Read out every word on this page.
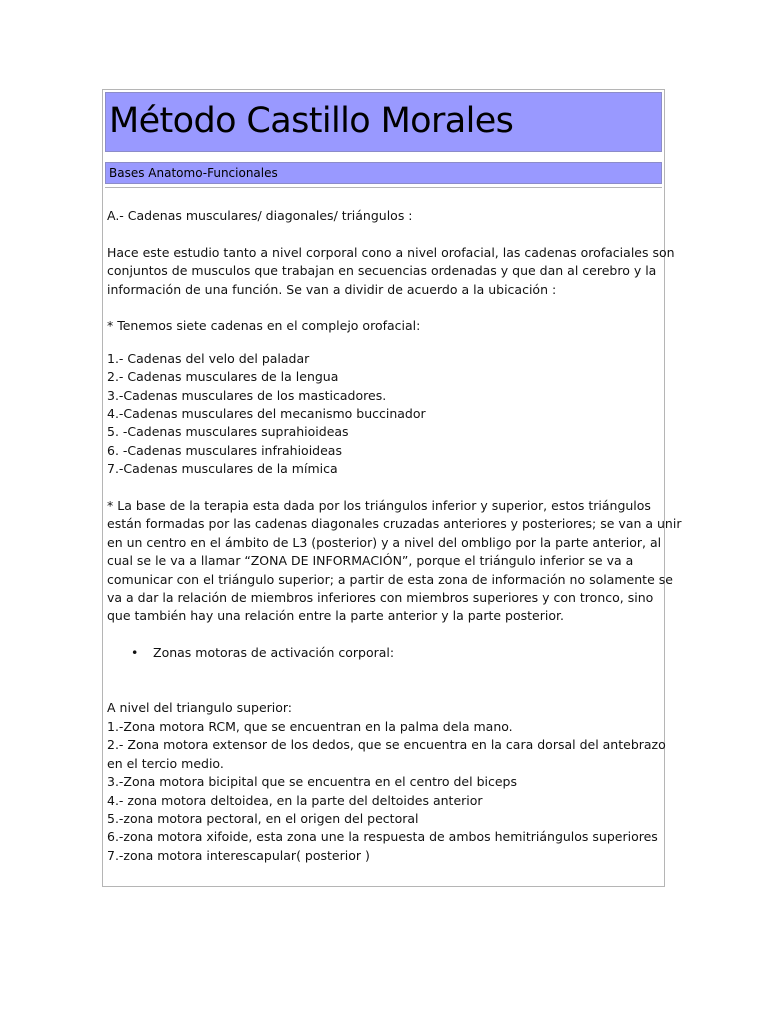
Método Castillo Morales
Bases Anatomo-Funcionales

A.- Cadenas musculares/ diagonales/ triángulos :

Hace este estudio tanto a nivel corporal cono a nivel orofacial, las cadenas orofaciales son

conjuntos de musculos que trabajan en secuencias ordenadas y que dan al cerebro y la

información de una función. Se van a dividir de acuerdo a la ubicación :

* Tenemos siete cadenas en el complejo orofacial:

1.- Cadenas del velo del paladar

2.- Cadenas musculares de la lengua

3.-Cadenas musculares de los masticadores.

4.-Cadenas musculares del mecanismo buccinador

5. -Cadenas musculares suprahioideas

6. -Cadenas musculares infrahioideas

7.-Cadenas musculares de la mímica

* La base de la terapia esta dada por los triángulos inferior y superior, estos triángulos

están formadas por las cadenas diagonales cruzadas anteriores y posteriores; se van a unir

en un centro en el ámbito de L3 (posterior) y a nivel del ombligo por la parte anterior, al

cual se le va a llamar “ZONA DE INFORMACIÓN”, porque el triángulo inferior se va a

comunicar con el triángulo superior; a partir de esta zona de información no solamente se

va a dar la relación de miembros inferiores con miembros superiores y con tronco, sino

que también hay una relación entre la parte anterior y la parte posterior.

•	Zonas motoras de activación corporal:

A nivel del triangulo superior:

1.-Zona motora RCM, que se encuentran en la palma dela mano.

2.- Zona motora extensor de los dedos, que se encuentra en la cara dorsal del antebrazo

en el tercio medio.

3.-Zona motora bicipital que se encuentra en el centro del biceps

4.- zona motora deltoidea, en la parte del deltoides anterior

5.-zona motora pectoral, en el origen del pectoral

6.-zona motora xifoide, esta zona une la respuesta de ambos hemitriángulos superiores

7.-zona motora interescapular( posterior )
